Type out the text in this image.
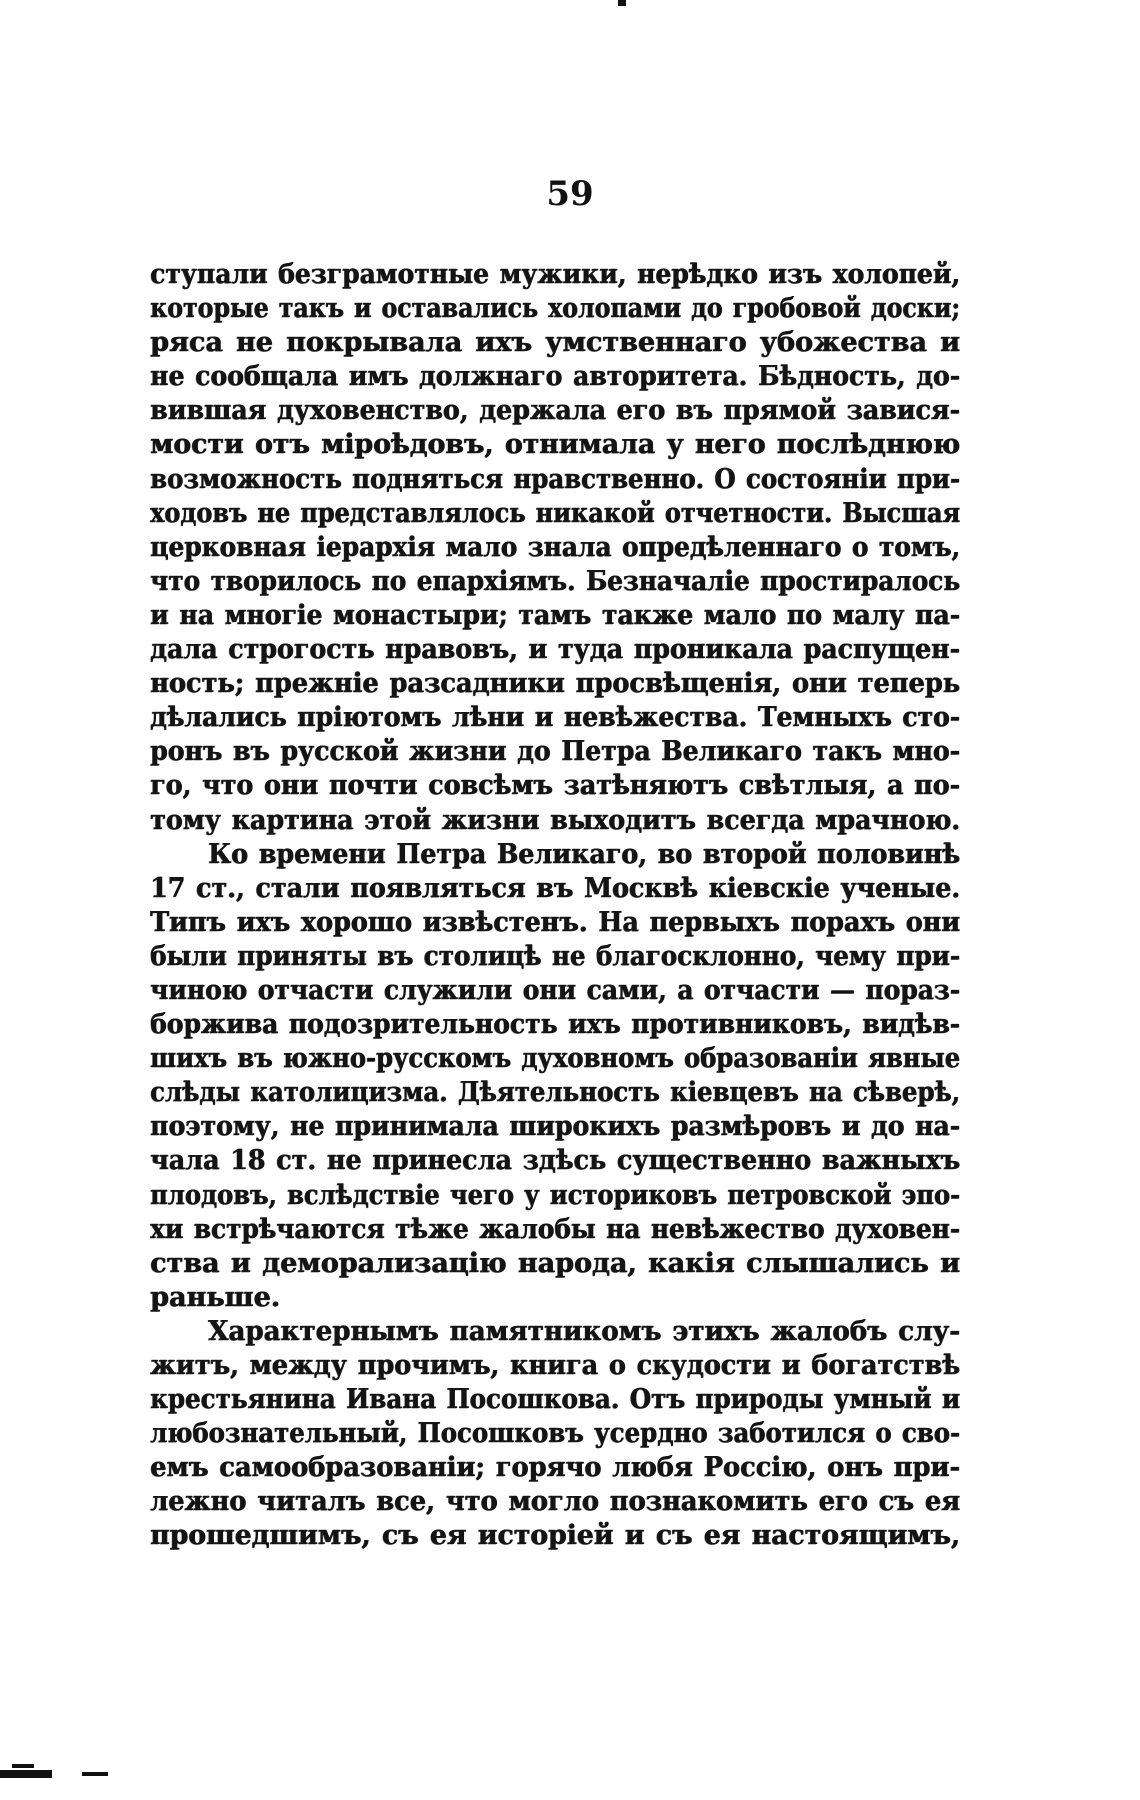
59
ступали безграмотные мужики, нерѣдко изъ холопей,
которые такъ и оставались холопами до гробовой доски;
ряса не покрывала ихъ умственнаго убожества и
не сообщала имъ должнаго авторитета. Бѣдность, до-
вившая духовенство, держала его въ прямой завися-
мости отъ міроѣдовъ, отнимала у него послѣднюю
возможность подняться нравственно. О состояніи при-
ходовъ не представлялось никакой отчетности. Высшая
церковная іерархія мало знала опредѣленнаго о томъ,
что творилось по епархіямъ. Безначаліе простиралось
и на многіе монастыри; тамъ также мало по малу па-
дала строгость нравовъ, и туда проникала распущен-
ность; прежніе разсадники просвѣщенія, они теперь
дѣлались пріютомъ лѣни и невѣжества. Темныхъ сто-
ронъ въ русской жизни до Петра Великаго такъ мно-
го, что они почти совсѣмъ затѣняютъ свѣтлыя, а по-
тому картина этой жизни выходитъ всегда мрачною.
Ко времени Петра Великаго, во второй половинѣ
17 ст., стали появляться въ Москвѣ кіевскіе ученые.
Типъ ихъ хорошо извѣстенъ. На первыхъ порахъ они
были приняты въ столицѣ не благосклонно, чему при-
чиною отчасти служили они сами, а отчасти — пораз-
боржива подозрительность ихъ противниковъ, видѣв-
шихъ въ южно-русскомъ духовномъ образованіи явные
слѣды католицизма. Дѣятельность кіевцевъ на сѣверѣ,
поэтому, не принимала широкихъ размѣровъ и до на-
чала 18 ст. не принесла здѣсь существенно важныхъ
плодовъ, вслѣдствіе чего у историковъ петровской эпо-
хи встрѣчаются тѣже жалобы на невѣжество духовен-
ства и деморализацію народа, какія слышались и
раньше.
Характернымъ памятникомъ этихъ жалобъ слу-
житъ, между прочимъ, книга о скудости и богатствѣ
крестьянина Ивана Посошкова. Отъ природы умный и
любознательный, Посошковъ усердно заботился о сво-
емъ самообразованіи; горячо любя Россію, онъ при-
лежно читалъ все, что могло познакомить его съ ея
прошедшимъ, съ ея исторіей и съ ея настоящимъ,
